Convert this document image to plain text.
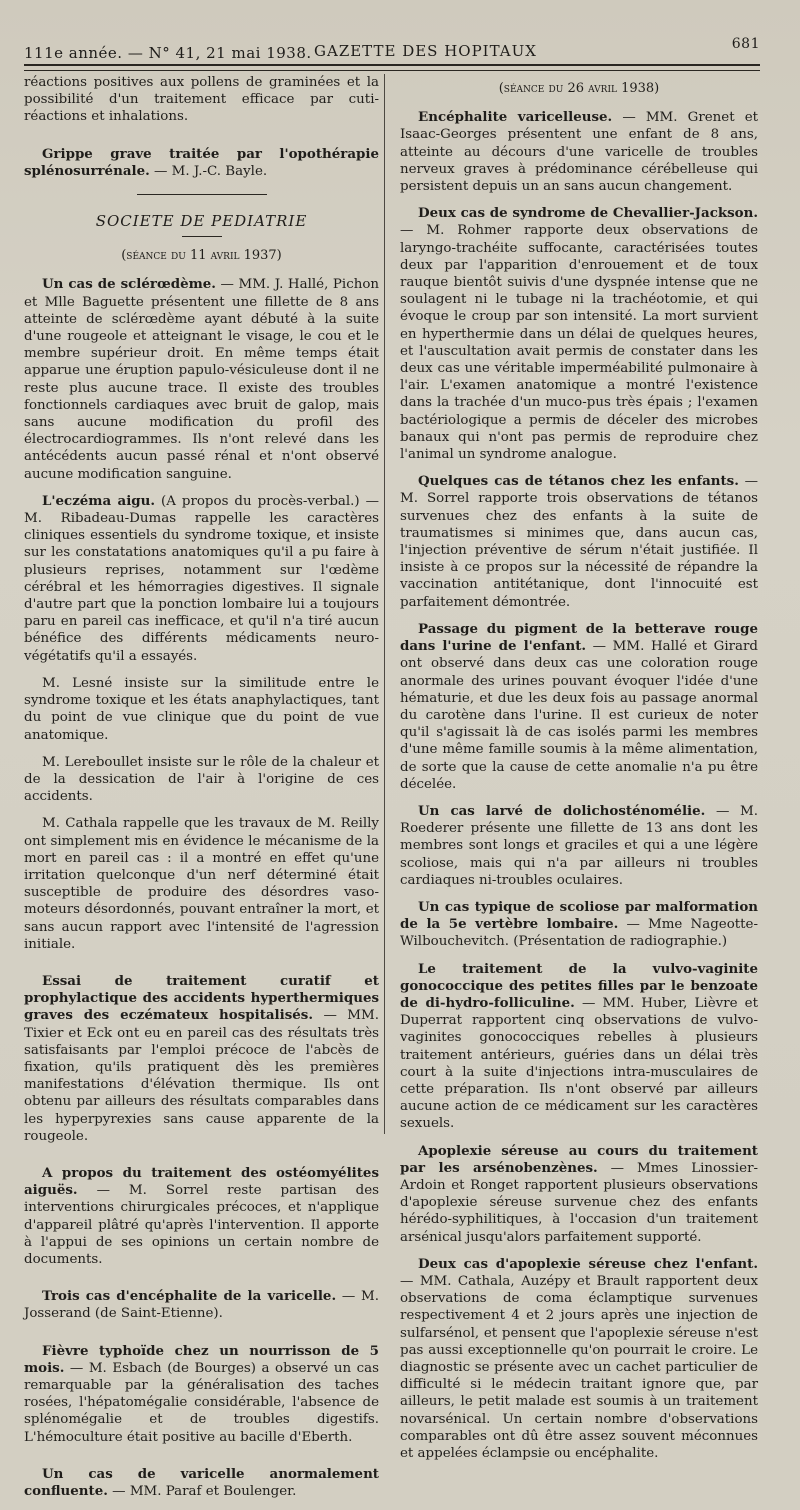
111e année. — N° 41, 21 mai 1938. GAZETTE DES HOPITAUX	681

réactions positives aux pollens de graminées et la possibilité d'un traitement efficace par cuti-réactions et inhalations.

Grippe grave traitée par l'opothérapie splénosurrénale. — M. J.-C. Bayle.

SOCIETE DE PEDIATRIE

(séance du 11 avril 1937)

Un cas de sclérœdème. — MM. J. Hallé, Pichon et Mlle Baguette présentent une fillette de 8 ans atteinte de sclérœdème ayant débuté à la suite d'une rougeole et atteignant le visage, le cou et le membre supérieur droit. En même temps était apparue une éruption papulo-vésiculeuse dont il ne reste plus aucune trace. Il existe des troubles fonctionnels cardiaques avec bruit de galop, mais sans aucune modification du profil des électrocardiogrammes. Ils n'ont relevé dans les antécédents aucun passé rénal et n'ont observé aucune modification sanguine.

L'eczéma aigu. (A propos du procès-verbal.) — M. Ribadeau-Dumas rappelle les caractères cliniques essentiels du syndrome toxique, et insiste sur les constatations anatomiques qu'il a pu faire à plusieurs reprises, notamment sur l'œdème cérébral et les hémorragies digestives. Il signale d'autre part que la ponction lombaire lui a toujours paru en pareil cas inefficace, et qu'il n'a tiré aucun bénéfice des différents médicaments neuro-végétatifs qu'il a essayés.

M. Lesné insiste sur la similitude entre le syndrome toxique et les états anaphylactiques, tant du point de vue clinique que du point de vue anatomique.

M. Lereboullet insiste sur le rôle de la chaleur et de la dessication de l'air à l'origine de ces accidents.

M. Cathala rappelle que les travaux de M. Reilly ont simplement mis en évidence le mécanisme de la mort en pareil cas : il a montré en effet qu'une irritation quelconque d'un nerf déterminé était susceptible de produire des désordres vaso-moteurs désordonnés, pouvant entraîner la mort, et sans aucun rapport avec l'intensité de l'agression initiale.

Essai de traitement curatif et prophylactique des accidents hyperthermiques graves des eczémateux hospitalisés. — MM. Tixier et Eck ont eu en pareil cas des résultats très satisfaisants par l'emploi précoce de l'abcès de fixation, qu'ils pratiquent dès les premières manifestations d'élévation thermique. Ils ont obtenu par ailleurs des résultats comparables dans les hyperpyrexies sans cause apparente de la rougeole.

A propos du traitement des ostéomyélites aiguës. — M. Sorrel reste partisan des interventions chirurgicales précoces, et n'applique d'appareil plâtré qu'après l'intervention. Il apporte à l'appui de ses opinions un certain nombre de documents.

Trois cas d'encéphalite de la varicelle. — M. Josserand (de Saint-Etienne).

Fièvre typhoïde chez un nourrisson de 5 mois. — M. Esbach (de Bourges) a observé un cas remarquable par la généralisation des taches rosées, l'hépatomégalie considérable, l'absence de splénomégalie et de troubles digestifs. L'hémoculture était positive au bacille d'Eberth.

Un cas de varicelle anormalement confluente. — MM. Paraf et Boulenger.

(séance du 26 avril 1938)

Encéphalite varicelleuse. — MM. Grenet et Isaac-Georges présentent une enfant de 8 ans, atteinte au décours d'une varicelle de troubles nerveux graves à prédominance cérébelleuse qui persistent depuis un an sans aucun changement.

Deux cas de syndrome de Chevallier-Jackson. — M. Rohmer rapporte deux observations de laryngo-trachéite suffocante, caractérisées toutes deux par l'apparition d'enrouement et de toux rauque bientôt suivis d'une dyspnée intense que ne soulagent ni le tubage ni la trachéotomie, et qui évoque le croup par son intensité. La mort survient en hyperthermie dans un délai de quelques heures, et l'auscultation avait permis de constater dans les deux cas une véritable imperméabilité pulmonaire à l'air. L'examen anatomique a montré l'existence dans la trachée d'un muco-pus très épais ; l'examen bactériologique a permis de déceler des microbes banaux qui n'ont pas permis de reproduire chez l'animal un syndrome analogue.

Quelques cas de tétanos chez les enfants. — M. Sorrel rapporte trois observations de tétanos survenues chez des enfants à la suite de traumatismes si minimes que, dans aucun cas, l'injection préventive de sérum n'était justifiée. Il insiste à ce propos sur la nécessité de répandre la vaccination antitétanique, dont l'innocuité est parfaitement démontrée.

Passage du pigment de la betterave rouge dans l'urine de l'enfant. — MM. Hallé et Girard ont observé dans deux cas une coloration rouge anormale des urines pouvant évoquer l'idée d'une hématurie, et due les deux fois au passage anormal du carotène dans l'urine. Il est curieux de noter qu'il s'agissait là de cas isolés parmi les membres d'une même famille soumis à la même alimentation, de sorte que la cause de cette anomalie n'a pu être décelée.

Un cas larvé de dolichosténomélie. — M. Roederer présente une fillette de 13 ans dont les membres sont longs et graciles et qui a une légère scoliose, mais qui n'a par ailleurs ni troubles cardiaques ni-troubles oculaires.

Un cas typique de scoliose par malformation de la 5e vertèbre lombaire. — Mme Nageotte-Wilbouchevitch. (Présentation de radiographie.)

Le traitement de la vulvo-vaginite gonococcique des petites filles par le benzoate de di-hydro-folliculine. — MM. Huber, Lièvre et Duperrat rapportent cinq observations de vulvo-vaginites gonococciques rebelles à plusieurs traitement antérieurs, guéries dans un délai très court à la suite d'injections intra-musculaires de cette préparation. Ils n'ont observé par ailleurs aucune action de ce médicament sur les caractères sexuels.

Apoplexie séreuse au cours du traitement par les arsénobenzènes. — Mmes Linossier-Ardoin et Ronget rapportent plusieurs observations d'apoplexie séreuse survenue chez des enfants hérédo-syphilitiques, à l'occasion d'un traitement arsénical jusqu'alors parfaitement supporté.

Deux cas d'apoplexie séreuse chez l'enfant. — MM. Cathala, Auzépy et Brault rapportent deux observations de coma éclamptique survenues respectivement 4 et 2 jours après une injection de sulfarsénol, et pensent que l'apoplexie séreuse n'est pas aussi exceptionnelle qu'on pourrait le croire. Le diagnostic se présente avec un cachet particulier de difficulté si le médecin traitant ignore que, par ailleurs, le petit malade est soumis à un traitement novarsénical. Un certain nombre d'observations comparables ont dû être assez souvent méconnues et appelées éclampsie ou encéphalite.
